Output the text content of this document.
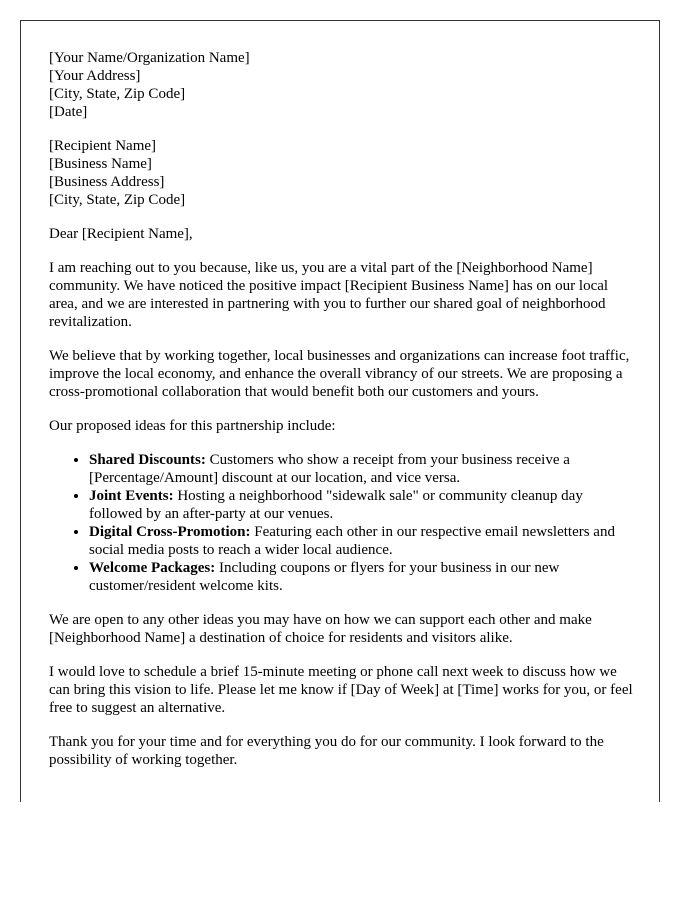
[Your Name/Organization Name]
[Your Address]
[City, State, Zip Code]
[Date]
[Recipient Name]
[Business Name]
[Business Address]
[City, State, Zip Code]

Dear [Recipient Name],

I am reaching out to you because, like us, you are a vital part of the [Neighborhood Name] community. We have noticed the positive impact [Recipient Business Name] has on our local area, and we are interested in partnering with you to further our shared goal of neighborhood revitalization.

We believe that by working together, local businesses and organizations can increase foot traffic, improve the local economy, and enhance the overall vibrancy of our streets. We are proposing a cross-promotional collaboration that would benefit both our customers and yours.

Our proposed ideas for this partnership include:

• Shared Discounts: Customers who show a receipt from your business receive a [Percentage/Amount] discount at our location, and vice versa.
• Joint Events: Hosting a neighborhood "sidewalk sale" or community cleanup day followed by an after-party at our venues.
• Digital Cross-Promotion: Featuring each other in our respective email newsletters and social media posts to reach a wider local audience.
• Welcome Packages: Including coupons or flyers for your business in our new customer/resident welcome kits.

We are open to any other ideas you may have on how we can support each other and make [Neighborhood Name] a destination of choice for residents and visitors alike.

I would love to schedule a brief 15-minute meeting or phone call next week to discuss how we can bring this vision to life. Please let me know if [Day of Week] at [Time] works for you, or feel free to suggest an alternative.

Thank you for your time and for everything you do for our community. I look forward to the possibility of working together.
